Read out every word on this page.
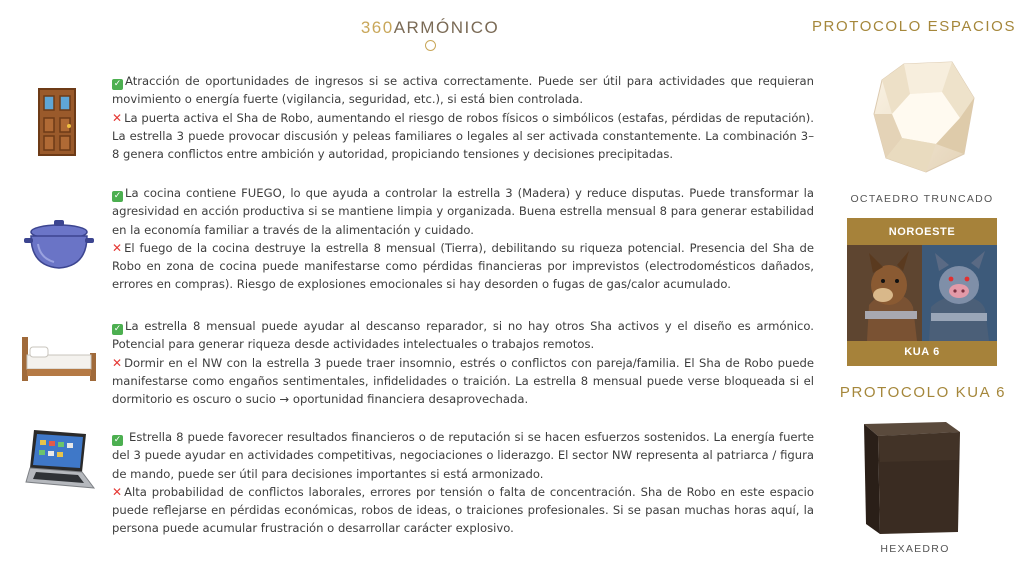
360ARMÓNICO

✓ Atracción de oportunidades de ingresos si se activa correctamente. Puede ser útil para actividades que requieran movimiento o energía fuerte (vigilancia, seguridad, etc.), si está bien controlada.

✕ La puerta activa el Sha de Robo, aumentando el riesgo de robos físicos o simbólicos (estafas, pérdidas de reputación). La estrella 3 puede provocar discusión y peleas familiares o legales al ser activada constantemente. La combinación 3–8 genera conflictos entre ambición y autoridad, propiciando tensiones y decisiones precipitadas.

✓ La cocina contiene FUEGO, lo que ayuda a controlar la estrella 3 (Madera) y reduce disputas. Puede transformar la agresividad en acción productiva si se mantiene limpia y organizada. Buena estrella mensual 8 para generar estabilidad en la economía familiar a través de la alimentación y cuidado.

✕ El fuego de la cocina destruye la estrella 8 mensual (Tierra), debilitando su riqueza potencial. Presencia del Sha de Robo en zona de cocina puede manifestarse como pérdidas financieras por imprevistos (electrodomésticos dañados, errores en compras). Riesgo de explosiones emocionales si hay desorden o fugas de gas/calor acumulado.

✓ La estrella 8 mensual puede ayudar al descanso reparador, si no hay otros Sha activos y el diseño es armónico. Potencial para generar riqueza desde actividades intelectuales o trabajos remotos.

✕ Dormir en el NW con la estrella 3 puede traer insomnio, estrés o conflictos con pareja/familia. El Sha de Robo puede manifestarse como engaños sentimentales, infidelidades o traición. La estrella 8 mensual puede verse bloqueada si el dormitorio es oscuro o sucio → oportunidad financiera desaprovechada.

✓ Estrella 8 puede favorecer resultados financieros o de reputación si se hacen esfuerzos sostenidos. La energía fuerte del 3 puede ayudar en actividades competitivas, negociaciones o liderazgo. El sector NW representa al patriarca / figura de mando, puede ser útil para decisiones importantes si está armonizado.

✕ Alta probabilidad de conflictos laborales, errores por tensión o falta de concentración. Sha de Robo en este espacio puede reflejarse en pérdidas económicas, robos de ideas, o traiciones profesionales. Si se pasan muchas horas aquí, la persona puede acumular frustración o desarrollar carácter explosivo.

PROTOCOLO ESPACIOS
OCTAEDRO TRUNCADO
NOROESTE
KUA 6
PROTOCOLO KUA 6
HEXAEDRO
